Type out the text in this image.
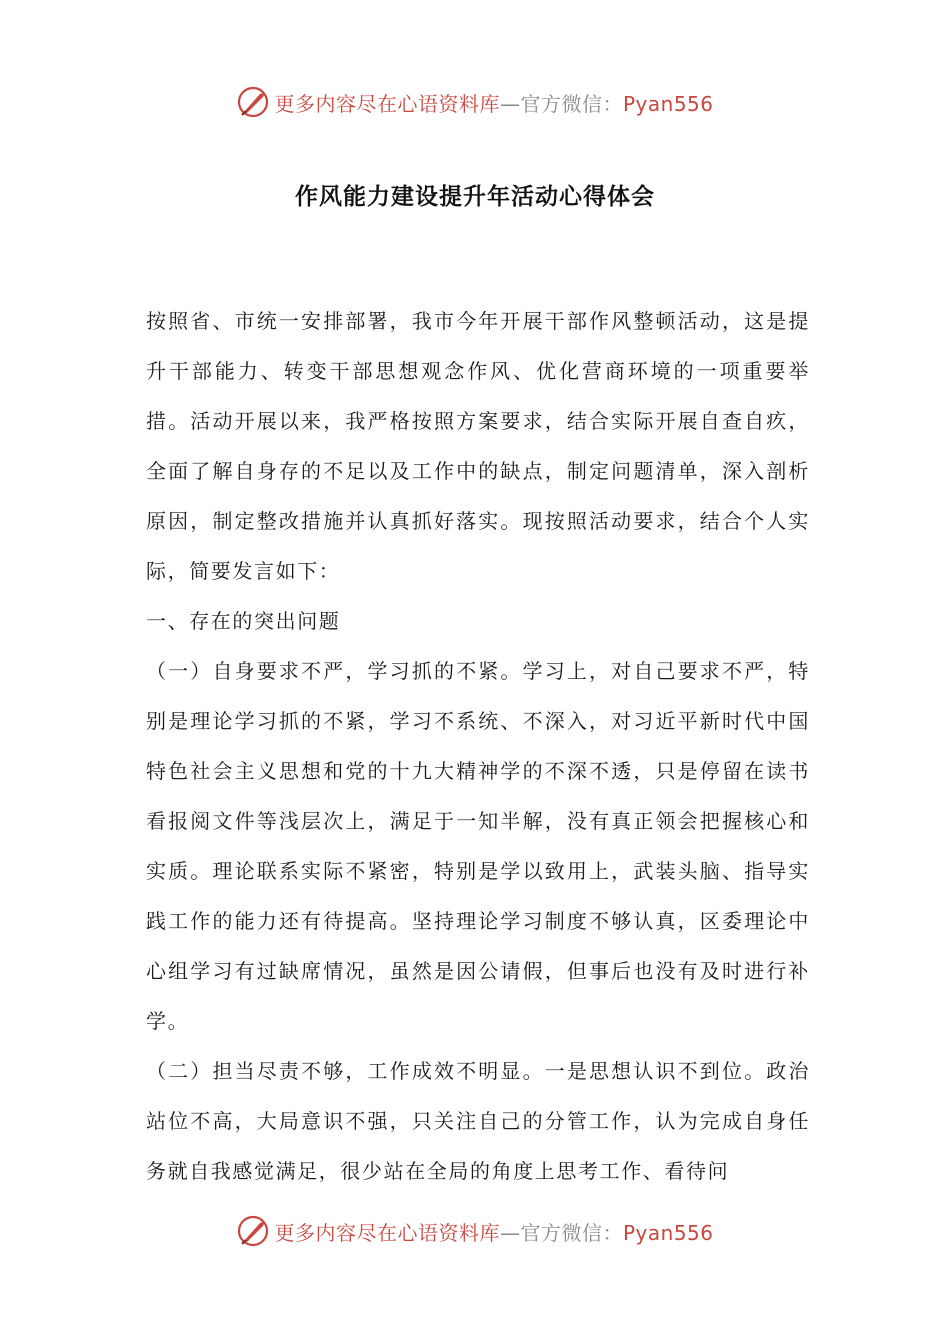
更多内容尽在心语资料库—官方微信：Pyan556
作风能力建设提升年活动心得体会

按照省、市统一安排部署，我市今年开展干部作风整顿活动，这是提升干部能力、转变干部思想观念作风、优化营商环境的一项重要举措。活动开展以来，我严格按照方案要求，结合实际开展自查自疚，全面了解自身存的不足以及工作中的缺点，制定问题清单，深入剖析原因，制定整改措施并认真抓好落实。现按照活动要求，结合个人实际，简要发言如下：

一、存在的突出问题

（一）自身要求不严，学习抓的不紧。学习上，对自己要求不严，特别是理论学习抓的不紧，学习不系统、不深入，对习近平新时代中国特色社会主义思想和党的十九大精神学的不深不透，只是停留在读书看报阅文件等浅层次上，满足于一知半解，没有真正领会把握核心和实质。理论联系实际不紧密，特别是学以致用上，武装头脑、指导实践工作的能力还有待提高。坚持理论学习制度不够认真，区委理论中心组学习有过缺席情况，虽然是因公请假，但事后也没有及时进行补学。

（二）担当尽责不够，工作成效不明显。一是思想认识不到位。政治站位不高，大局意识不强，只关注自己的分管工作，认为完成自身任务就自我感觉满足，很少站在全局的角度上思考工作、看待问

更多内容尽在心语资料库—官方微信：Pyan556
